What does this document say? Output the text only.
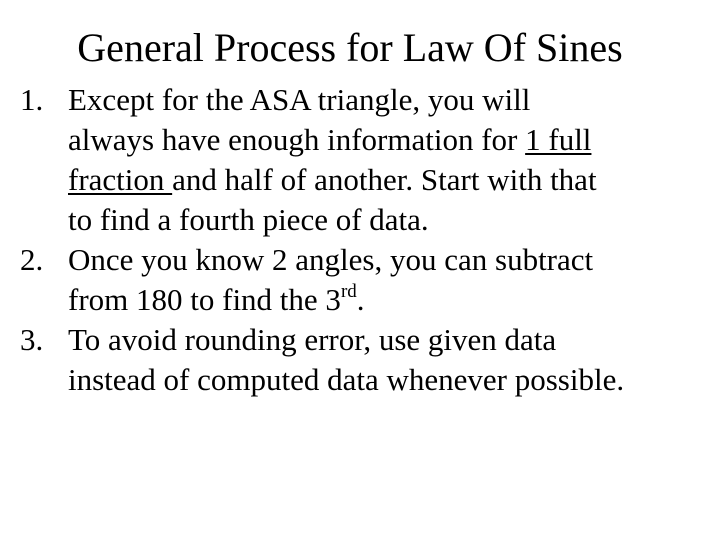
General Process for Law Of Sines
1. Except for the ASA triangle, you will
always have enough information for 1 full
fraction and half of another. Start with that
to find a fourth piece of data.
2. Once you know 2 angles, you can subtract
from 180 to find the 3rd.
3. To avoid rounding error, use given data
instead of computed data whenever possible.
